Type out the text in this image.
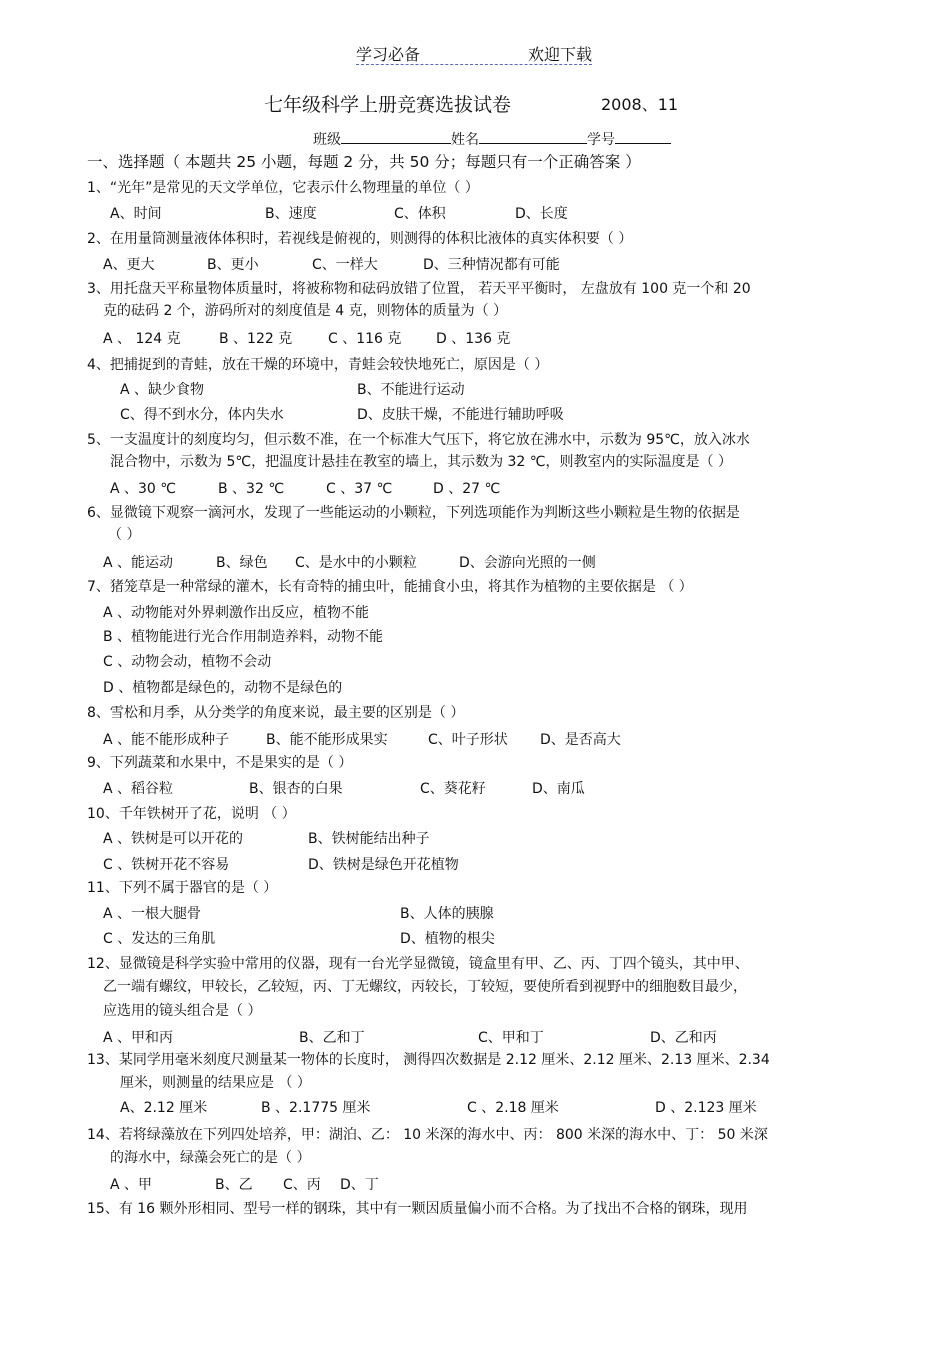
学习必备	欢迎下载
七年级科学上册竞赛选拔试卷	2008、11
班级	姓名	学号
一、选择题（ 本题共 25 小题，每题 2 分，共 50 分；每题只有一个正确答案 ）
1、“光年”是常见的天文学单位，它表示什么物理量的单位（ ）
A、时间	B、速度	C、体积	D、长度
2、在用量筒测量液体体积时，若视线是俯视的，则测得的体积比液体的真实体积要（ ）
A、更大	B、更小	C、一样大	D、三种情况都有可能
3、用托盘天平称量物体质量时，将被称物和砝码放错了位置， 若天平平衡时， 左盘放有 100 克一个和 20
克的砝码 2 个，游码所对的刻度值是 4 克，则物体的质量为（ ）
A 、 124 克	B 、122 克	C 、116 克 D 、136 克
4、把捕捉到的青蛙，放在干燥的环境中，青蛙会较快地死亡，原因是（ ）
A 、缺少食物	B、不能进行运动
C、得不到水分，体内失水	D、皮肤干燥，不能进行辅助呼吸
5、一支温度计的刻度均匀，但示数不准，在一个标准大气压下，将它放在沸水中，示数为 95℃，放入冰水
混合物中，示数为 5℃，把温度计悬挂在教室的墙上，其示数为 32 ℃，则教室内的实际温度是（ ）
A 、30 ℃	B 、32 ℃	C 、37 ℃	D 、27 ℃
6、显微镜下观察一滴河水，发现了一些能运动的小颗粒，下列选项能作为判断这些小颗粒是生物的依据是
（ ）
A 、能运动	B、绿色 C、是水中的小颗粒	D、会游向光照的一侧
7、猪笼草是一种常绿的灌木，长有奇特的捕虫叶，能捕食小虫，将其作为植物的主要依据是 （ ）
A 、动物能对外界刺激作出反应，植物不能
B 、植物能进行光合作用制造养料，动物不能
C 、动物会动，植物不会动
D 、植物都是绿色的，动物不是绿色的
8、雪松和月季，从分类学的角度来说，最主要的区别是（ ）
A 、能不能形成种子	B、能不能形成果实	C、叶子形状 D、是否高大
9、下列蔬菜和水果中，不是果实的是（ ）
A 、稻谷粒	B、银杏的白果	C、葵花籽	D、南瓜
10、千年铁树开了花，说明 （ ）
A 、铁树是可以开花的	B、铁树能结出种子
C 、铁树开花不容易	D、铁树是绿色开花植物
11、下列不属于器官的是（ ）
A 、一根大腿骨	B、人体的胰腺
C 、发达的三角肌	D、植物的根尖
12、显微镜是科学实验中常用的仪器，现有一台光学显微镜，镜盒里有甲、乙、丙、丁四个镜头，其中甲、
乙一端有螺纹，甲较长，乙较短，丙、丁无螺纹，丙较长，丁较短，要使所看到视野中的细胞数目最少，
应选用的镜头组合是（ ）
A 、甲和丙	B、乙和丁	C、甲和丁	D、乙和丙
13、某同学用毫米刻度尺测量某一物体的长度时， 测得四次数据是 2.12 厘米、2.12 厘米、2.13 厘米、2.34
厘米，则测量的结果应是 （ ）
A、2.12 厘米	B 、2.1775 厘米	C 、2.18 厘米	D 、2.123 厘米
14、若将绿藻放在下列四处培养，甲：湖泊、乙： 10 米深的海水中、丙： 800 米深的海水中、丁： 50 米深
的海水中，绿藻会死亡的是（ ）
A 、甲	B、乙 C、丙 D、丁
15、有 16 颗外形相同、型号一样的钢珠，其中有一颗因质量偏小而不合格。为了找出不合格的钢珠，现用
